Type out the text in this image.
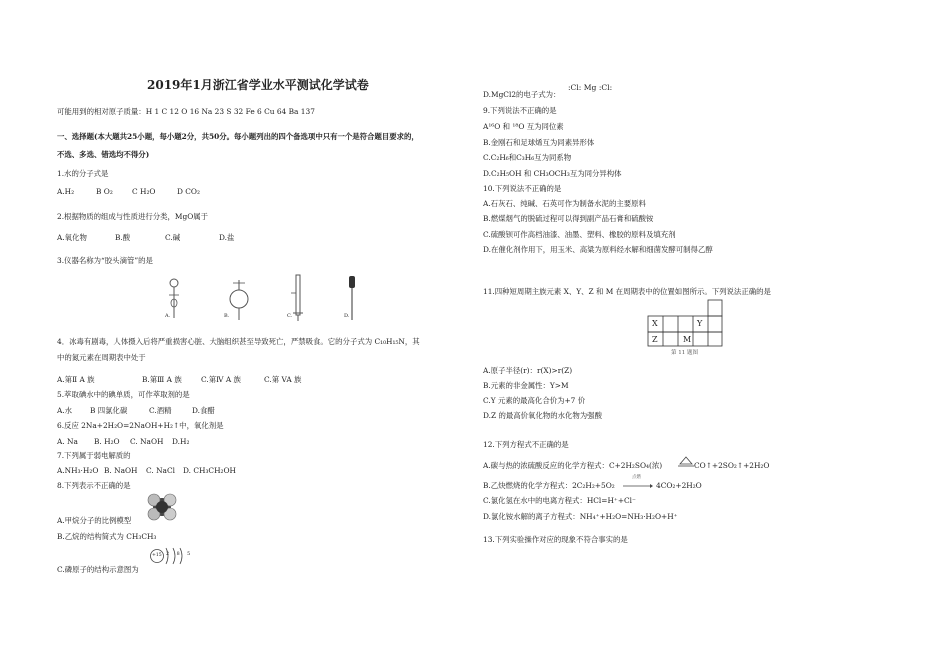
2019年1月浙江省学业水平测试化学试卷
可能用到的相对原子质量：H 1 C 12 O 16 Na 23 S 32 Fe 6 Cu 64 Ba 137
一、选择题(本大题共25小题，每小题2分，共50分。每小题列出的四个备选项中只有一个是符合题目要求的，
不选、多选、错选均不得分)
1.水的分子式是
A.H₂	B O₂	C H₂O	D CO₂
2.根据物质的组成与性质进行分类，MgO属于
A.氧化物	B.酸	C.碱	D.盐
3.仪器名称为“胶头滴管”的是
A.	B.	C.	D.
4．冰毒有剧毒，人体摄入后将严重损害心脏、大脑组织甚至导致死亡，严禁吸食。它的分子式为 C₁₀H₁₅N，其
中的氮元素在周期表中处于
A.第Ⅱ A 族	B.第Ⅲ A 族	C.第Ⅳ A 族	C.第 VA 族
5.萃取碘水中的碘单质，可作萃取剂的是
A.水 B 四氯化碳	C.酒精	D.食醋
6.反应 2Na+2H₂O=2NaOH+H₂↑中，氧化剂是
A. Na B. H₂O C. NaOH D.H₂
7.下列属于弱电解质的
A.NH₃·H₂O B. NaOH C. NaCl D. CH₃CH₂OH
8.下列表示不正确的是
A.甲烷分子的比例模型
B.乙烷的结构简式为 CH₃CH₃
+15 2 8 5
C.磷原子的结构示意图为
D.MgCl2的电子式为：
:Cl: Mg :Cl:
9.下列说法不正确的是
A¹⁶O 和 ¹⁸O 互为同位素
B.金刚石和足球烯互为同素异形体
C.C₂H₆和C₃H₆互为同系物
D.C₂H₅OH 和 CH₃OCH₃互为同分异构体
10.下列说法不正确的是
A.石灰石、纯碱、石英可作为制备水泥的主要原料
B.燃煤烟气的脱硫过程可以得到副产品石膏和硫酸铵
C.硫酸钡可作高档油漆、油墨、塑料、橡胶的原料及填充剂
D.在催化剂作用下，用玉米、高粱为原料经水解和细菌发酵可制得乙醇
11.四种短周期主族元素 X、Y、Z 和 M 在周期表中的位置如图所示。下列说法正确的是
X	Y
Z	M
第 11 题图
A.原子半径(r)：r(X)>r(Z)
B.元素的非金属性：Y>M
C.Y 元素的最高化合价为+7 价
D.Z 的最高价氧化物的水化物为强酸
12.下列方程式不正确的是
A.碳与热的浓硫酸反应的化学方程式：C+2H₂SO₄(浓)	CO↑+2SO₂↑+2H₂O
B.乙炔燃烧的化学方程式：2C₂H₂+5O₂
点燃
4CO₂+2H₂O
C.氯化氢在水中的电离方程式：HCl=H⁺+Cl⁻
D.氯化铵水解的离子方程式：NH₄⁺+H₂O=NH₃·H₂O+H⁺
13.下列实验操作对应的现象不符合事实的是
